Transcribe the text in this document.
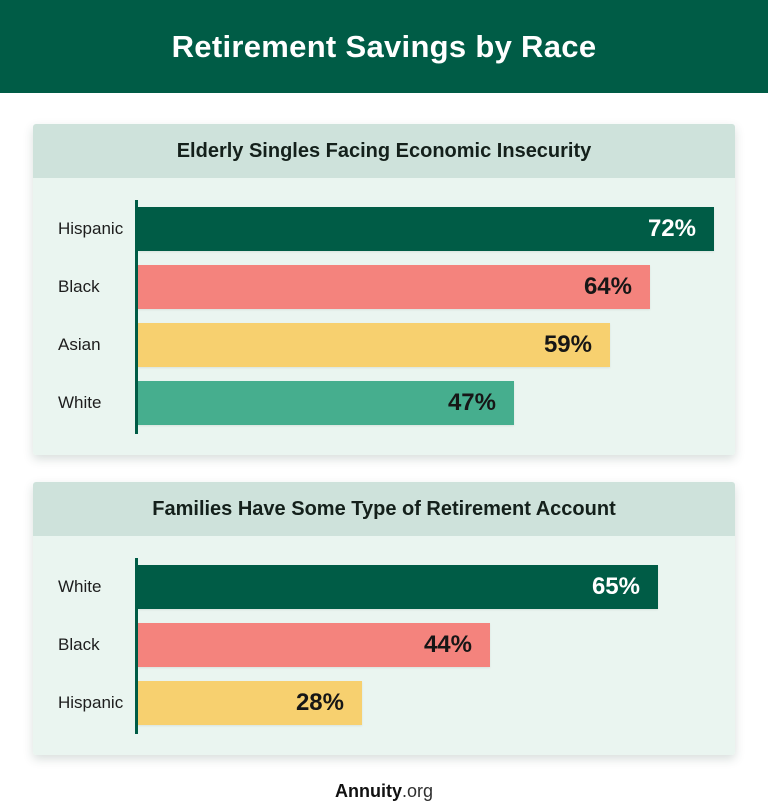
Retirement Savings by Race
Elderly Singles Facing Economic Insecurity
Hispanic	72%
Black	64%
Asian	59%
White	47%
Families Have Some Type of Retirement Account
White	65%
Black	44%
Hispanic	28%
Annuity.org
